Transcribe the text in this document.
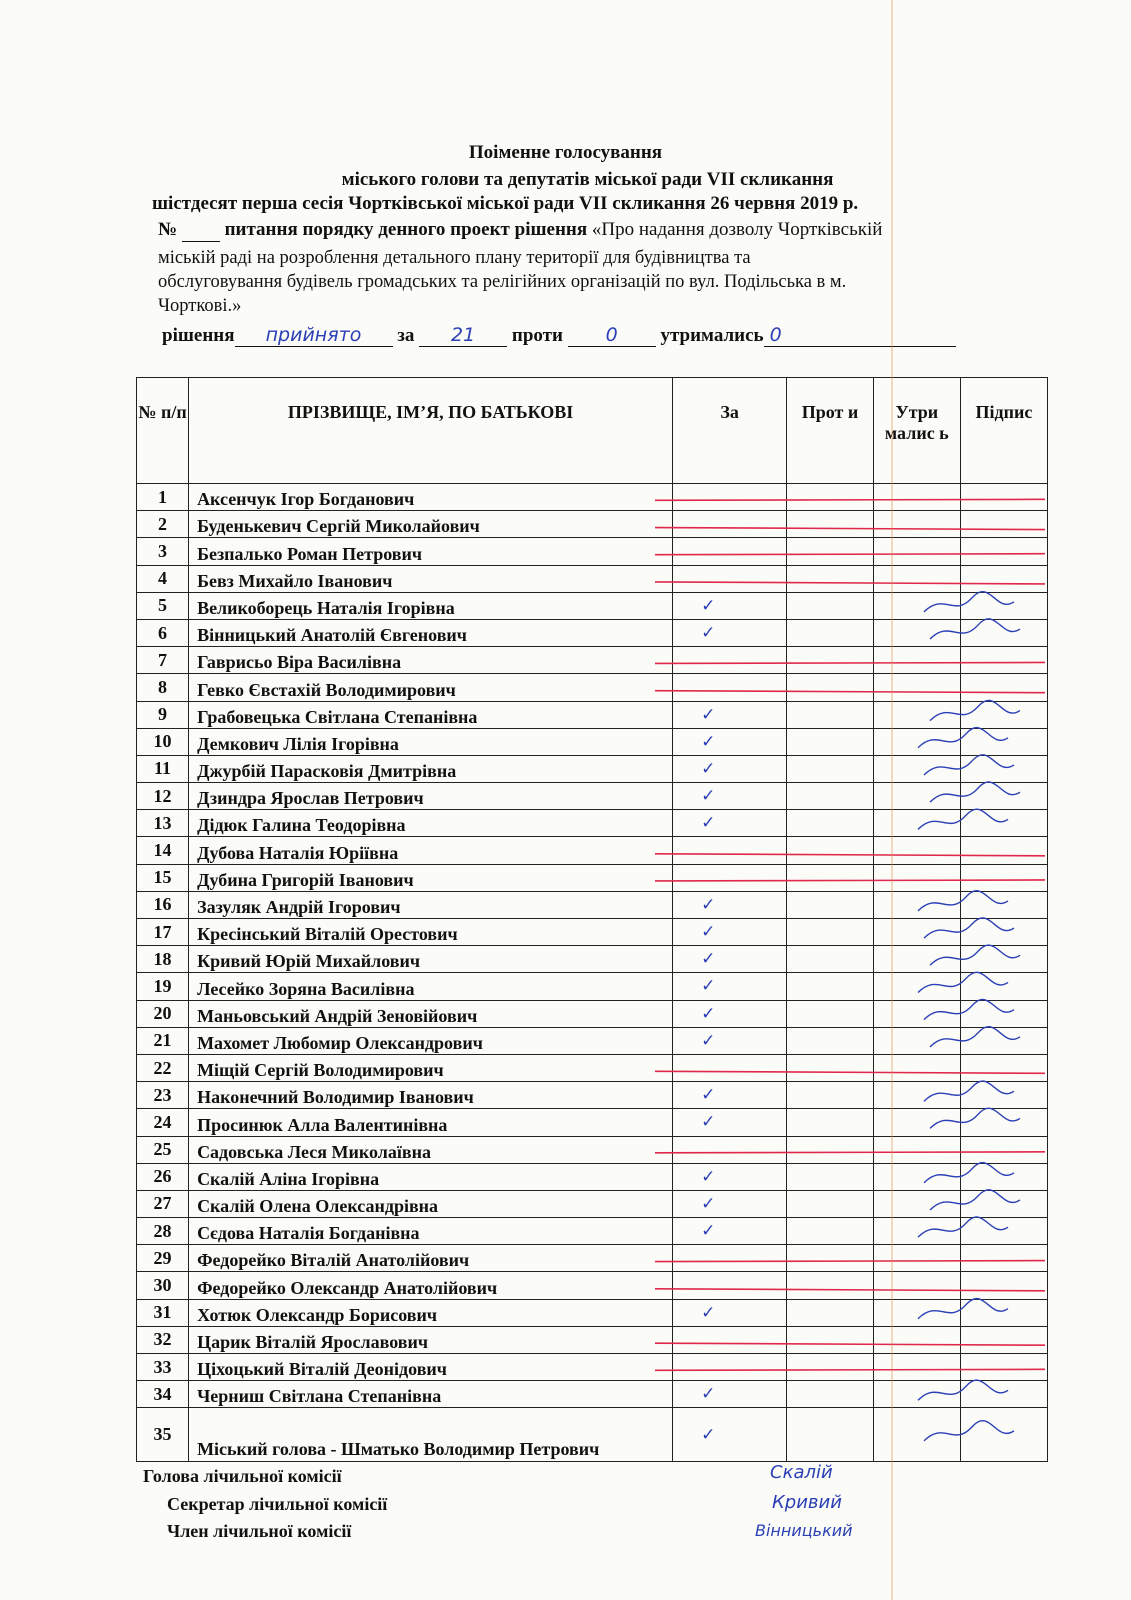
Поіменне голосування
міського голови та депутатів міської ради VII скликання
шістдесят перша сесія Чортківської міської ради VII скликання 26 червня 2019 р.
№	питання порядку денного проект рішення «Про надання дозволу Чортківській
міській раді на розроблення детального плану території для будівництва та
обслуговування будівель громадських та релігійних організацій по вул. Подільська в м.
Чорткові.»
рішення прийнято за 21 проти 0 утримались 0
№ п/п	ПРІЗВИЩЕ, ІМ’Я, ПО БАТЬКОВІ	За	Прот и	Утри малис ь	Підпис
1	Аксенчук Ігор Богданович				
2	Буденькевич Сергій Миколайович				
3	Безпалько Роман Петрович				
4	Бевз Михайло Іванович				
5	Великоборець Наталія Ігорівна	✓			
6	Вінницький Анатолій Євгенович	✓			
7	Гаврисьо Віра Василівна				
8	Гевко Євстахій Володимирович				
9	Грабовецька Світлана Степанівна	✓			
10	Демкович Лілія Ігорівна	✓			
11	Джурбій Парасковія Дмитрівна	✓			
12	Дзиндра Ярослав Петрович	✓			
13	Дідюк Галина Теодорівна	✓			
14	Дубова Наталія Юріївна				
15	Дубина Григорій Іванович				
16	Зазуляк Андрій Ігорович	✓			
17	Кресінський Віталій Орестович	✓			
18	Кривий Юрій Михайлович	✓			
19	Лесейко Зоряна Василівна	✓			
20	Маньовський Андрій Зеновійович	✓			
21	Махомет Любомир Олександрович	✓			
22	Міщій Сергій Володимирович				
23	Наконечний Володимир Іванович	✓			
24	Просинюк Алла Валентинівна	✓			
25	Садовська Леся Миколаївна				
26	Скалій Аліна Ігорівна	✓			
27	Скалій Олена Олександрівна	✓			
28	Сєдова Наталія Богданівна	✓			
29	Федорейко Віталій Анатолійович				
30	Федорейко Олександр Анатолійович				
31	Хотюк Олександр Борисович	✓			
32	Царик Віталій Ярославович				
33	Ціхоцький Віталій Деонідович				
34	Черниш Світлана Степанівна	✓			
35	Міський голова - Шматько Володимир Петрович	✓			
Голова лічильної комісії
Секретар лічильної комісії
Член лічильної комісії
Скалій
Кривий
Вінницький
